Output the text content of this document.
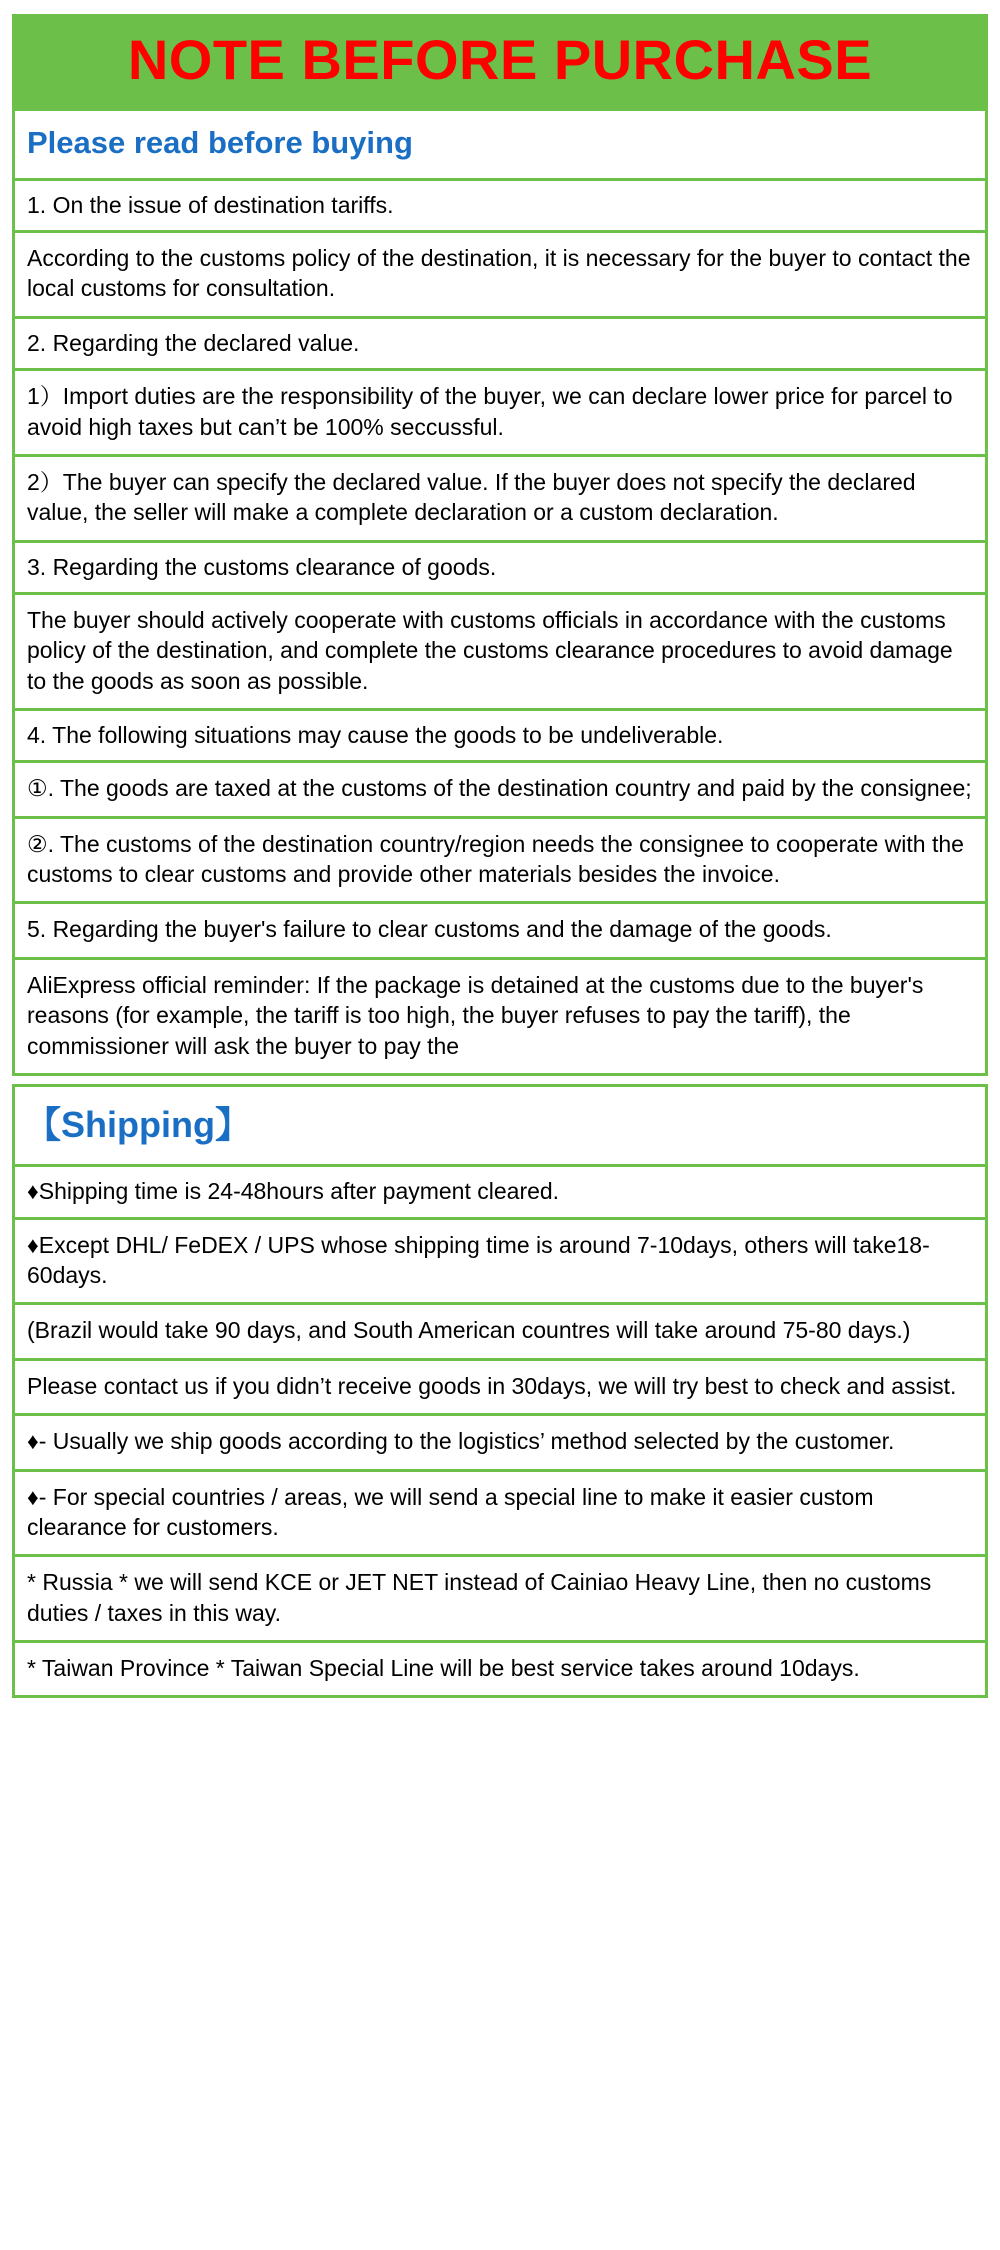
NOTE BEFORE PURCHASE
Please read before buying
1. On the issue of destination tariffs.
According to the customs policy of the destination, it is necessary for the buyer to contact the local customs for consultation.
2. Regarding the declared value.
1）Import duties are the responsibility of the buyer, we can declare lower price for parcel to avoid high taxes but can’t be 100% seccussful.
2）The buyer can specify the declared value. If the buyer does not specify the declared value, the seller will make a complete declaration or a custom declaration.
3. Regarding the customs clearance of goods.
The buyer should actively cooperate with customs officials in accordance with the customs policy of the destination, and complete the customs clearance procedures to avoid damage to the goods as soon as possible.
4. The following situations may cause the goods to be undeliverable.
①. The goods are taxed at the customs of the destination country and paid by the consignee;
②. The customs of the destination country/region needs the consignee to cooperate with the customs to clear customs and provide other materials besides the invoice.
5. Regarding the buyer's failure to clear customs and the damage of the goods.
AliExpress official reminder: If the package is detained at the customs due to the buyer's reasons (for example, the tariff is too high, the buyer refuses to pay the tariff), the commissioner will ask the buyer to pay the
【Shipping】
♦Shipping time is 24-48hours after payment cleared.
♦Except DHL/ FeDEX / UPS whose shipping time is around 7-10days, others will take18-60days.
(Brazil would take 90 days, and South American countres will take around 75-80 days.)
Please contact us if you didn’t receive goods in 30days, we will try best to check and assist.
♦- Usually we ship goods according to the logistics’ method selected by the customer.
♦- For special countries / areas, we will send a special line to make it easier custom clearance for customers.
* Russia * we will send KCE or JET NET instead of Cainiao Heavy Line, then no customs duties / taxes in this way.
* Taiwan Province * Taiwan Special Line will be best service takes around 10days.
